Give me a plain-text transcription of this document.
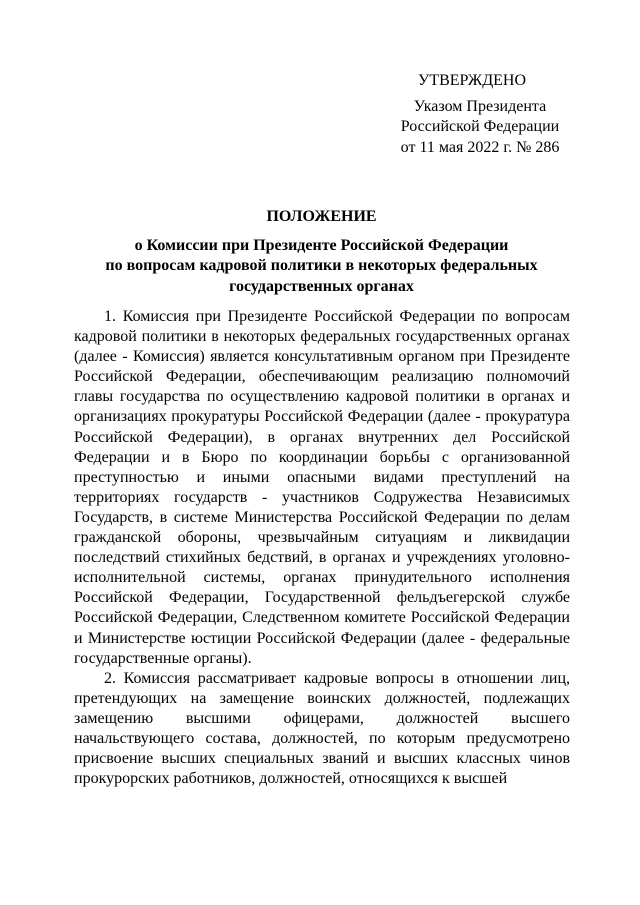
УТВЕРЖДЕНО
Указом Президента
Российской Федерации
от 11 мая 2022 г. № 286
ПОЛОЖЕНИЕ
о Комиссии при Президенте Российской Федерации
по вопросам кадровой политики в некоторых федеральных
государственных органах

1. Комиссия при Президенте Российской Федерации по вопросам кадровой политики в некоторых федеральных государственных органах (далее - Комиссия) является консультативным органом при Президенте Российской Федерации, обеспечивающим реализацию полномочий главы государства по осуществлению кадровой политики в органах и организациях прокуратуры Российской Федерации (далее - прокуратура Российской Федерации), в органах внутренних дел Российской Федерации и в Бюро по координации борьбы с организованной преступностью и иными опасными видами преступлений на территориях государств - участников Содружества Независимых Государств, в системе Министерства Российской Федерации по делам гражданской обороны, чрезвычайным ситуациям и ликвидации последствий стихийных бедствий, в органах и учреждениях уголовно-исполнительной системы, органах принудительного исполнения Российской Федерации, Государственной фельдъегерской службе Российской Федерации, Следственном комитете Российской Федерации и Министерстве юстиции Российской Федерации (далее - федеральные государственные органы).

2. Комиссия рассматривает кадровые вопросы в отношении лиц, претендующих на замещение воинских должностей, подлежащих замещению высшими офицерами, должностей высшего начальствующего состава, должностей, по которым предусмотрено присвоение высших специальных званий и высших классных чинов прокурорских работников, должностей, относящихся к высшей
